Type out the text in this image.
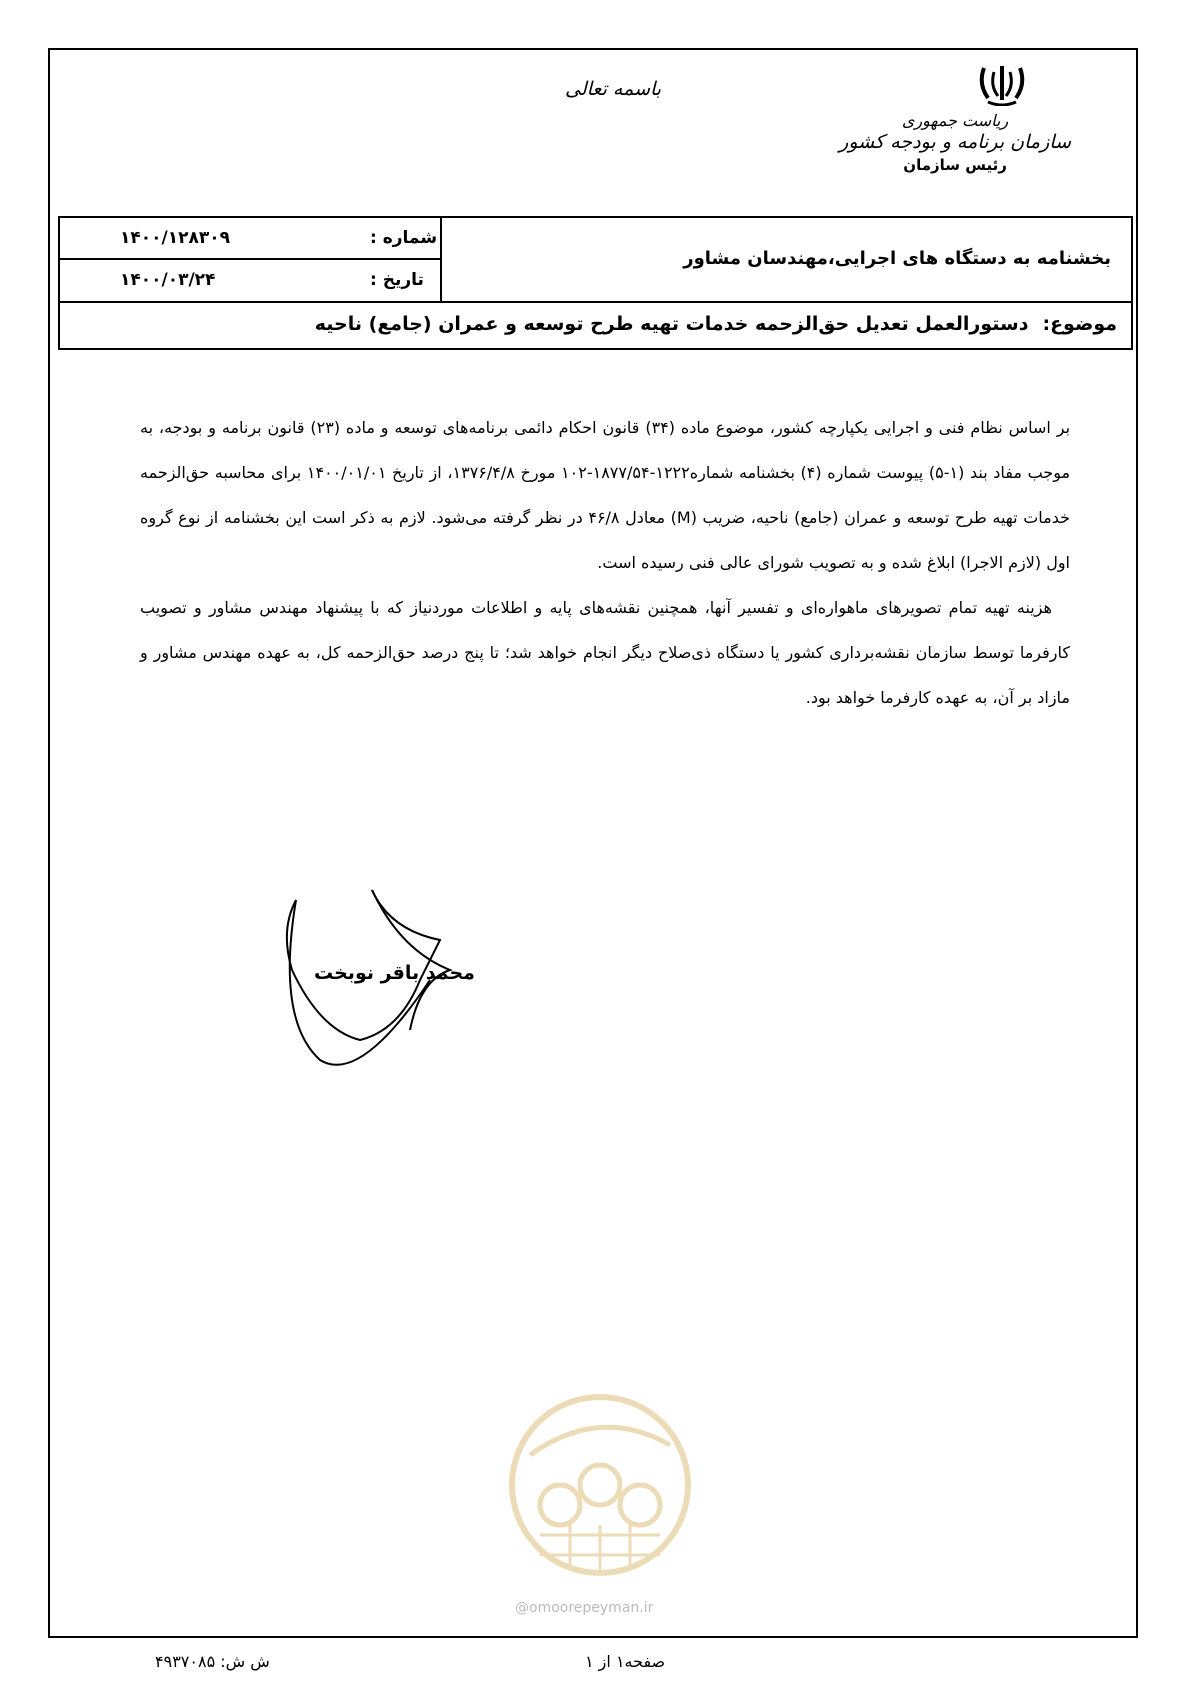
باسمه تعالی
ریاست جمهوری
سازمان برنامه و بودجه کشور
رئیس سازمان
بخشنامه به دستگاه های اجرایی،مهندسان مشاور
شماره :
۱۴۰۰/۱۲۸۳۰۹
تاریخ :
۱۴۰۰/۰۳/۲۴
موضوع:دستورالعمل تعدیل حق‌الزحمه خدمات تهیه طرح توسعه و عمران (جامع) ناحیه

بر اساس نظام فنی و اجرایی یکپارچه کشور، موضوع ماده (۳۴) قانون احکام دائمی برنامه‌های توسعه و ماده (۲۳) قانون برنامه و بودجه، به موجب مفاد بند (۱-۵) پیوست شماره (۴) بخشنامه شماره۱۲۲۲-۱۸۷۷/۵۴-۱۰۲ مورخ ۱۳۷۶/۴/۸، از تاریخ ۱۴۰۰/۰۱/۰۱ برای محاسبه حق‌الزحمه خدمات تهیه طرح توسعه و عمران (جامع) ناحیه، ضریب (M) معادل ۴۶/۸ در نظر گرفته می‌شود. لازم به ذکر است این بخشنامه از نوع گروه اول (لازم الاجرا) ابلاغ شده و به تصویب شورای عالی فنی رسیده است.

هزینه تهیه تمام تصویرهای ماهواره‌ای و تفسیر آنها، همچنین نقشه‌های پایه و اطلاعات موردنیاز که با پیشنهاد مهندس مشاور و تصویب کارفرما توسط سازمان نقشه‌برداری کشور یا دستگاه ذی‌صلاح دیگر انجام خواهد شد؛ تا پنج درصد حق‌الزحمه کل، به عهده مهندس مشاور و مازاد بر آن، به عهده کارفرما خواهد بود.

محمد باقر نوبخت
@omoorepeyman.ir
ش ش: ۴۹۳۷۰۸۵	صفحه۱ از ۱
